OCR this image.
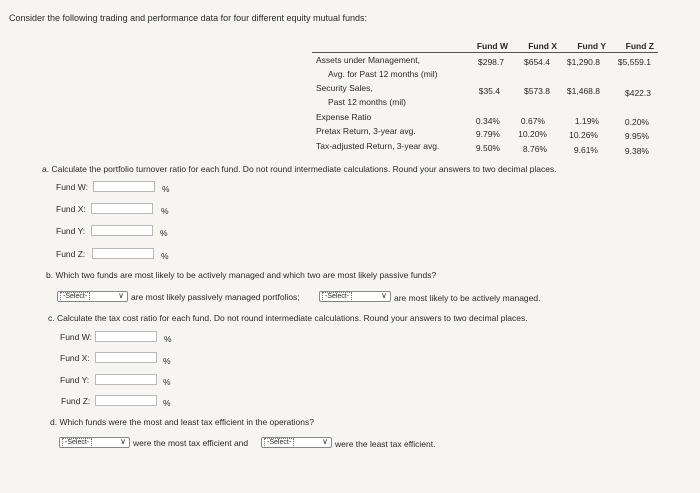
Consider the following trading and performance data for four different equity mutual funds:
Fund W Fund X Fund Y Fund Z
Assets under Management,
Avg. for Past 12 months (mil)
$298.7 $654.4 $1,290.8 $5,559.1
Security Sales,
Past 12 months (mil)
$35.4	$573.8 $1,468.8	$422.3
Expense Ratio	0.34% 0.67%	1.19%	0.20%
Pretax Return, 3-year avg.	9.79% 10.20%	10.26%	9.95%
Tax-adjusted Return, 3-year avg.	9.50%	8.76%	9.61%	9.38%
a. Calculate the portfolio turnover ratio for each fund. Do not round intermediate calculations. Round your answers to two decimal places.
Fund W:	%
Fund X:	%
Fund Y:	%
Fund Z:	%
b. Which two funds are most likely to be actively managed and which two are most likely passive funds?
-Select-	∨ are most likely passively managed portfolios;	-Select-	∨ are most likely to be actively managed.
c. Calculate the tax cost ratio for each fund. Do not round intermediate calculations. Round your answers to two decimal places.
Fund W:	%
Fund X:	%
Fund Y:	%
Fund Z:	%
d. Which funds were the most and least tax efficient in the operations?
-Select-	∨ were the most tax efficient and	-Select-	∨ were the least tax efficient.
